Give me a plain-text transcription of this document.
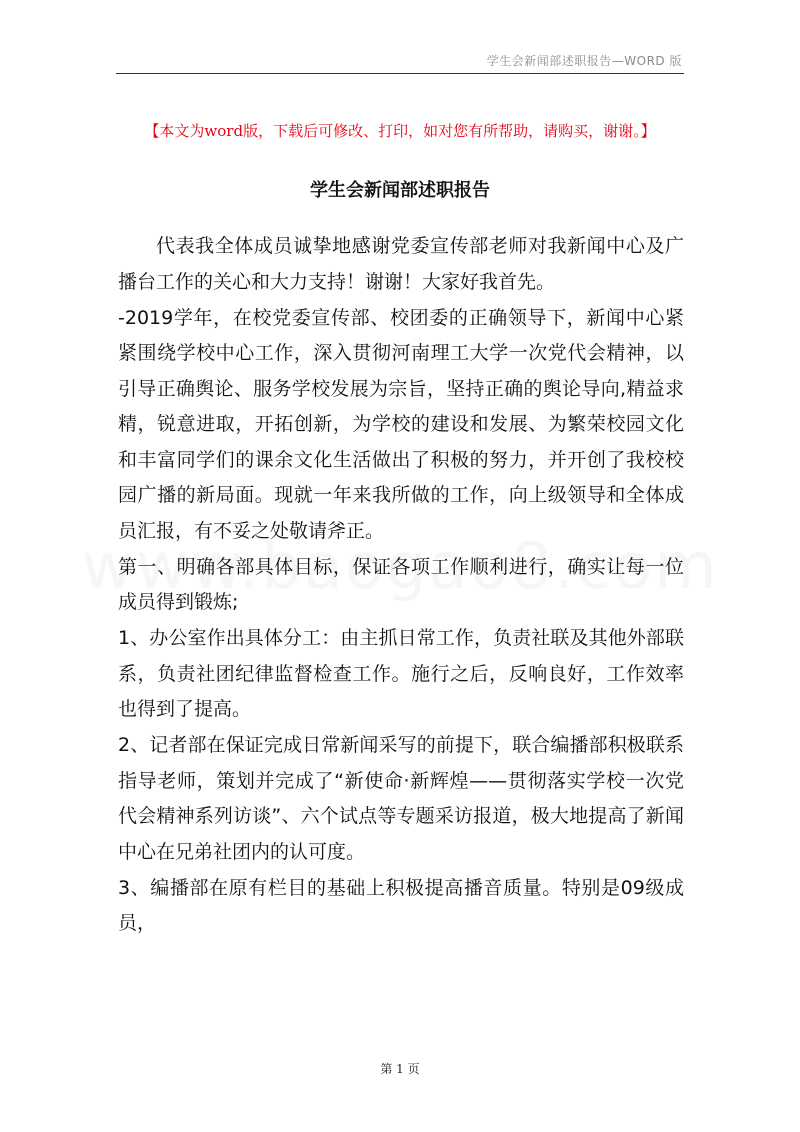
学生会新闻部述职报告—WORD 版
【本文为word版，下载后可修改、打印，如对您有所帮助，请购买，谢谢。】
学生会新闻部述职报告

代表我全体成员诚挚地感谢党委宣传部老师对我新闻中心及广播台工作的关心和大力支持！谢谢！大家好我首先。

-2019学年，在校党委宣传部、校团委的正确领导下，新闻中心紧紧围绕学校中心工作，深入贯彻河南理工大学一次党代会精神，以引导正确舆论、服务学校发展为宗旨，坚持正确的舆论导向,精益求精，锐意进取，开拓创新，为学校的建设和发展、为繁荣校园文化和丰富同学们的课余文化生活做出了积极的努力，并开创了我校校园广播的新局面。现就一年来我所做的工作，向上级领导和全体成员汇报，有不妥之处敬请斧正。

第一、明确各部具体目标，保证各项工作顺利进行，确实让每一位成员得到锻炼;

1、办公室作出具体分工：由主抓日常工作，负责社联及其他外部联系，负责社团纪律监督检查工作。施行之后，反响良好，工作效率也得到了提高。

2、记者部在保证完成日常新闻采写的前提下，联合编播部积极联系指导老师，策划并完成了“新使命·新辉煌——贯彻落实学校一次党代会精神系列访谈”、六个试点等专题采访报道，极大地提高了新闻中心在兄弟社团内的认可度。

3、编播部在原有栏目的基础上积极提高播音质量。特别是09级成员，

第 1 页
